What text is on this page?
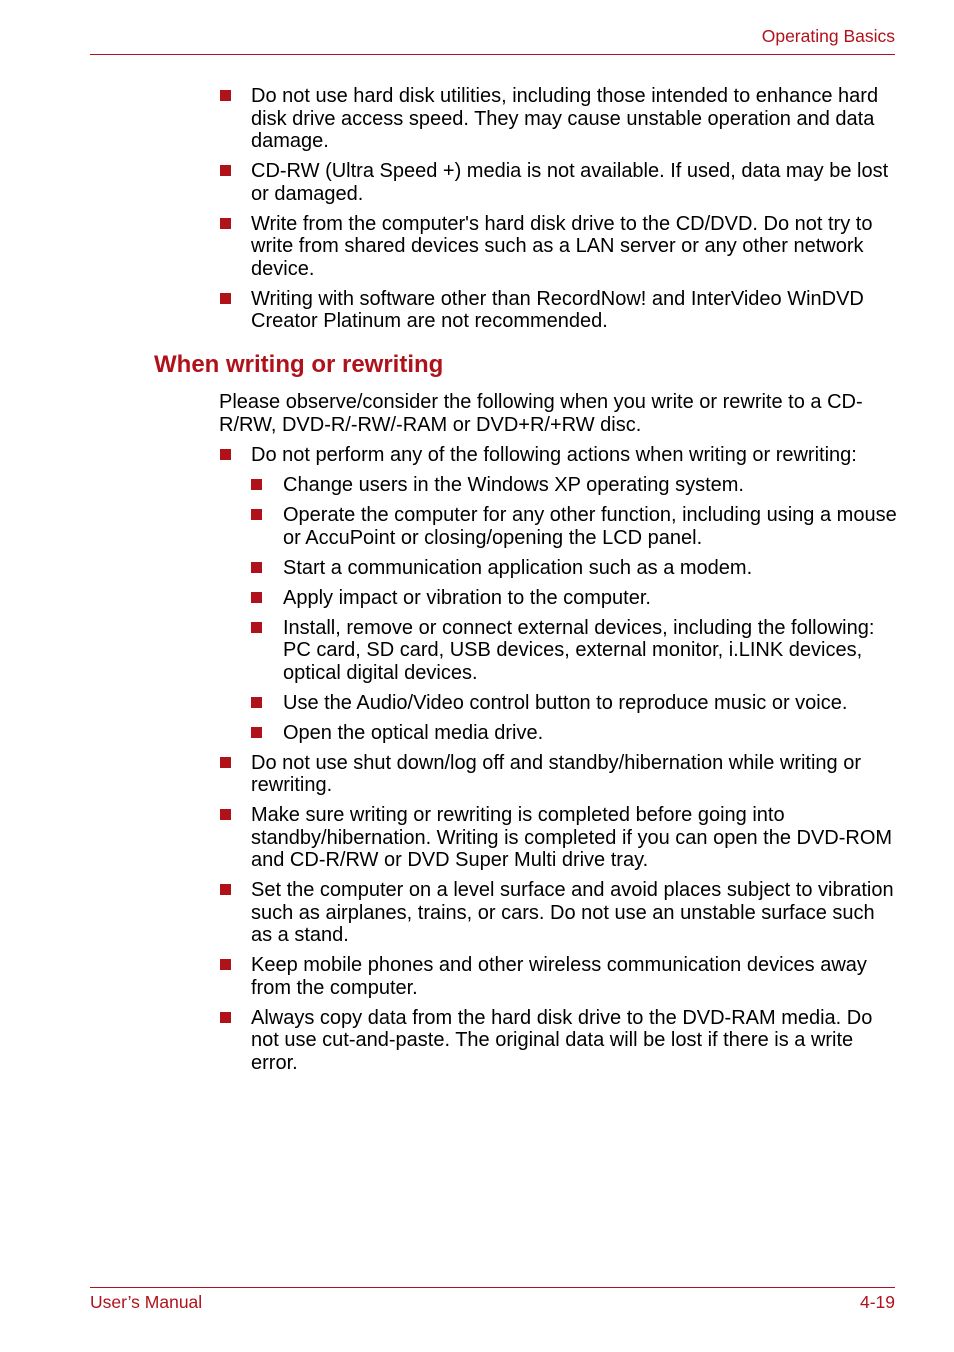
Operating Basics
Do not use hard disk utilities, including those intended to enhance hard disk drive access speed. They may cause unstable operation and data damage.
CD-RW (Ultra Speed +) media is not available. If used, data may be lost or damaged.
Write from the computer's hard disk drive to the CD/DVD. Do not try to write from shared devices such as a LAN server or any other network device.
Writing with software other than RecordNow! and InterVideo WinDVD Creator Platinum are not recommended.
When writing or rewriting
Please observe/consider the following when you write or rewrite to a CD-R/RW, DVD-R/-RW/-RAM or DVD+R/+RW disc.
Do not perform any of the following actions when writing or rewriting:
Change users in the Windows XP operating system.
Operate the computer for any other function, including using a mouse or AccuPoint or closing/opening the LCD panel.
Start a communication application such as a modem.
Apply impact or vibration to the computer.
Install, remove or connect external devices, including the following: PC card, SD card, USB devices, external monitor, i.LINK devices, optical digital devices.
Use the Audio/Video control button to reproduce music or voice.
Open the optical media drive.
Do not use shut down/log off and standby/hibernation while writing or rewriting.
Make sure writing or rewriting is completed before going into standby/hibernation. Writing is completed if you can open the DVD-ROM and CD-R/RW or DVD Super Multi drive tray.
Set the computer on a level surface and avoid places subject to vibration such as airplanes, trains, or cars. Do not use an unstable surface such as a stand.
Keep mobile phones and other wireless communication devices away from the computer.
Always copy data from the hard disk drive to the DVD-RAM media. Do not use cut-and-paste. The original data will be lost if there is a write error.
User’s Manual	4-19
